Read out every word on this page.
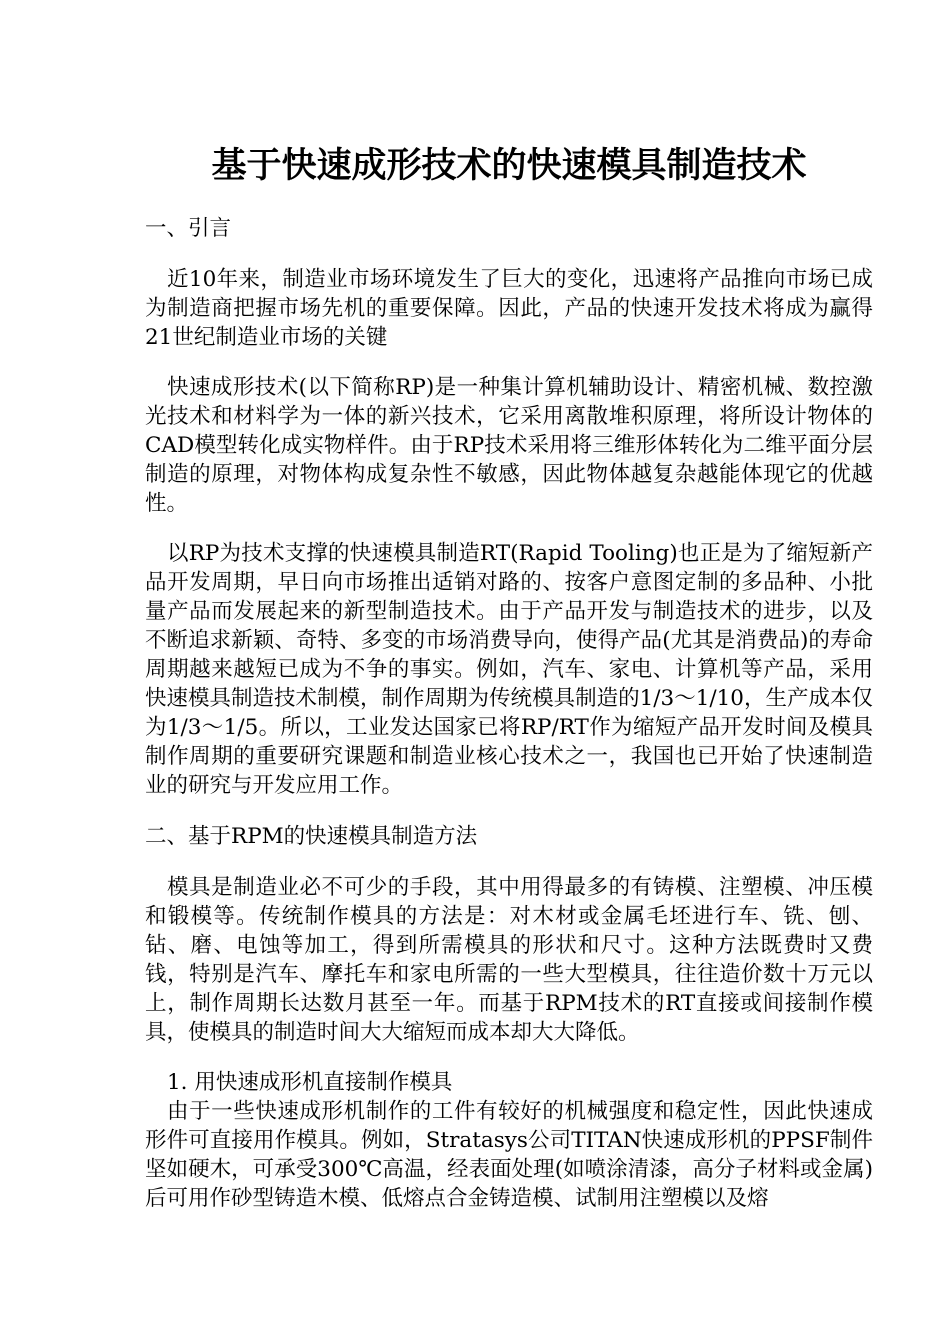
基于快速成形技术的快速模具制造技术

一、引言

近10年来，制造业市场环境发生了巨大的变化，迅速将产品推向市场已成为制造商把握市场先机的重要保障。因此，产品的快速开发技术将成为赢得21世纪制造业市场的关键

快速成形技术(以下简称RP)是一种集计算机辅助设计、精密机械、数控激光技术和材料学为一体的新兴技术，它采用离散堆积原理，将所设计物体的CAD模型转化成实物样件。由于RP技术采用将三维形体转化为二维平面分层制造的原理，对物体构成复杂性不敏感，因此物体越复杂越能体现它的优越性。

以RP为技术支撑的快速模具制造RT(Rapid Tooling)也正是为了缩短新产品开发周期，早日向市场推出适销对路的、按客户意图定制的多品种、小批量产品而发展起来的新型制造技术。由于产品开发与制造技术的进步，以及不断追求新颖、奇特、多变的市场消费导向，使得产品(尤其是消费品)的寿命周期越来越短已成为不争的事实。例如，汽车、家电、计算机等产品，采用快速模具制造技术制模，制作周期为传统模具制造的1/3～1/10，生产成本仅为1/3～1/5。所以，工业发达国家已将RP/RT作为缩短产品开发时间及模具制作周期的重要研究课题和制造业核心技术之一，我国也已开始了快速制造业的研究与开发应用工作。

二、基于RPM的快速模具制造方法

模具是制造业必不可少的手段，其中用得最多的有铸模、注塑模、冲压模和锻模等。传统制作模具的方法是：对木材或金属毛坯进行车、铣、刨、钻、磨、电蚀等加工，得到所需模具的形状和尺寸。这种方法既费时又费钱，特别是汽车、摩托车和家电所需的一些大型模具，往往造价数十万元以上，制作周期长达数月甚至一年。而基于RPM技术的RT直接或间接制作模具，使模具的制造时间大大缩短而成本却大大降低。

1. 用快速成形机直接制作模具

由于一些快速成形机制作的工件有较好的机械强度和稳定性，因此快速成形件可直接用作模具。例如，Stratasys公司TITAN快速成形机的PPSF制件坚如硬木，可承受300℃高温，经表面处理(如喷涂清漆，高分子材料或金属)后可用作砂型铸造木模、低熔点合金铸造模、试制用注塑模以及熔
